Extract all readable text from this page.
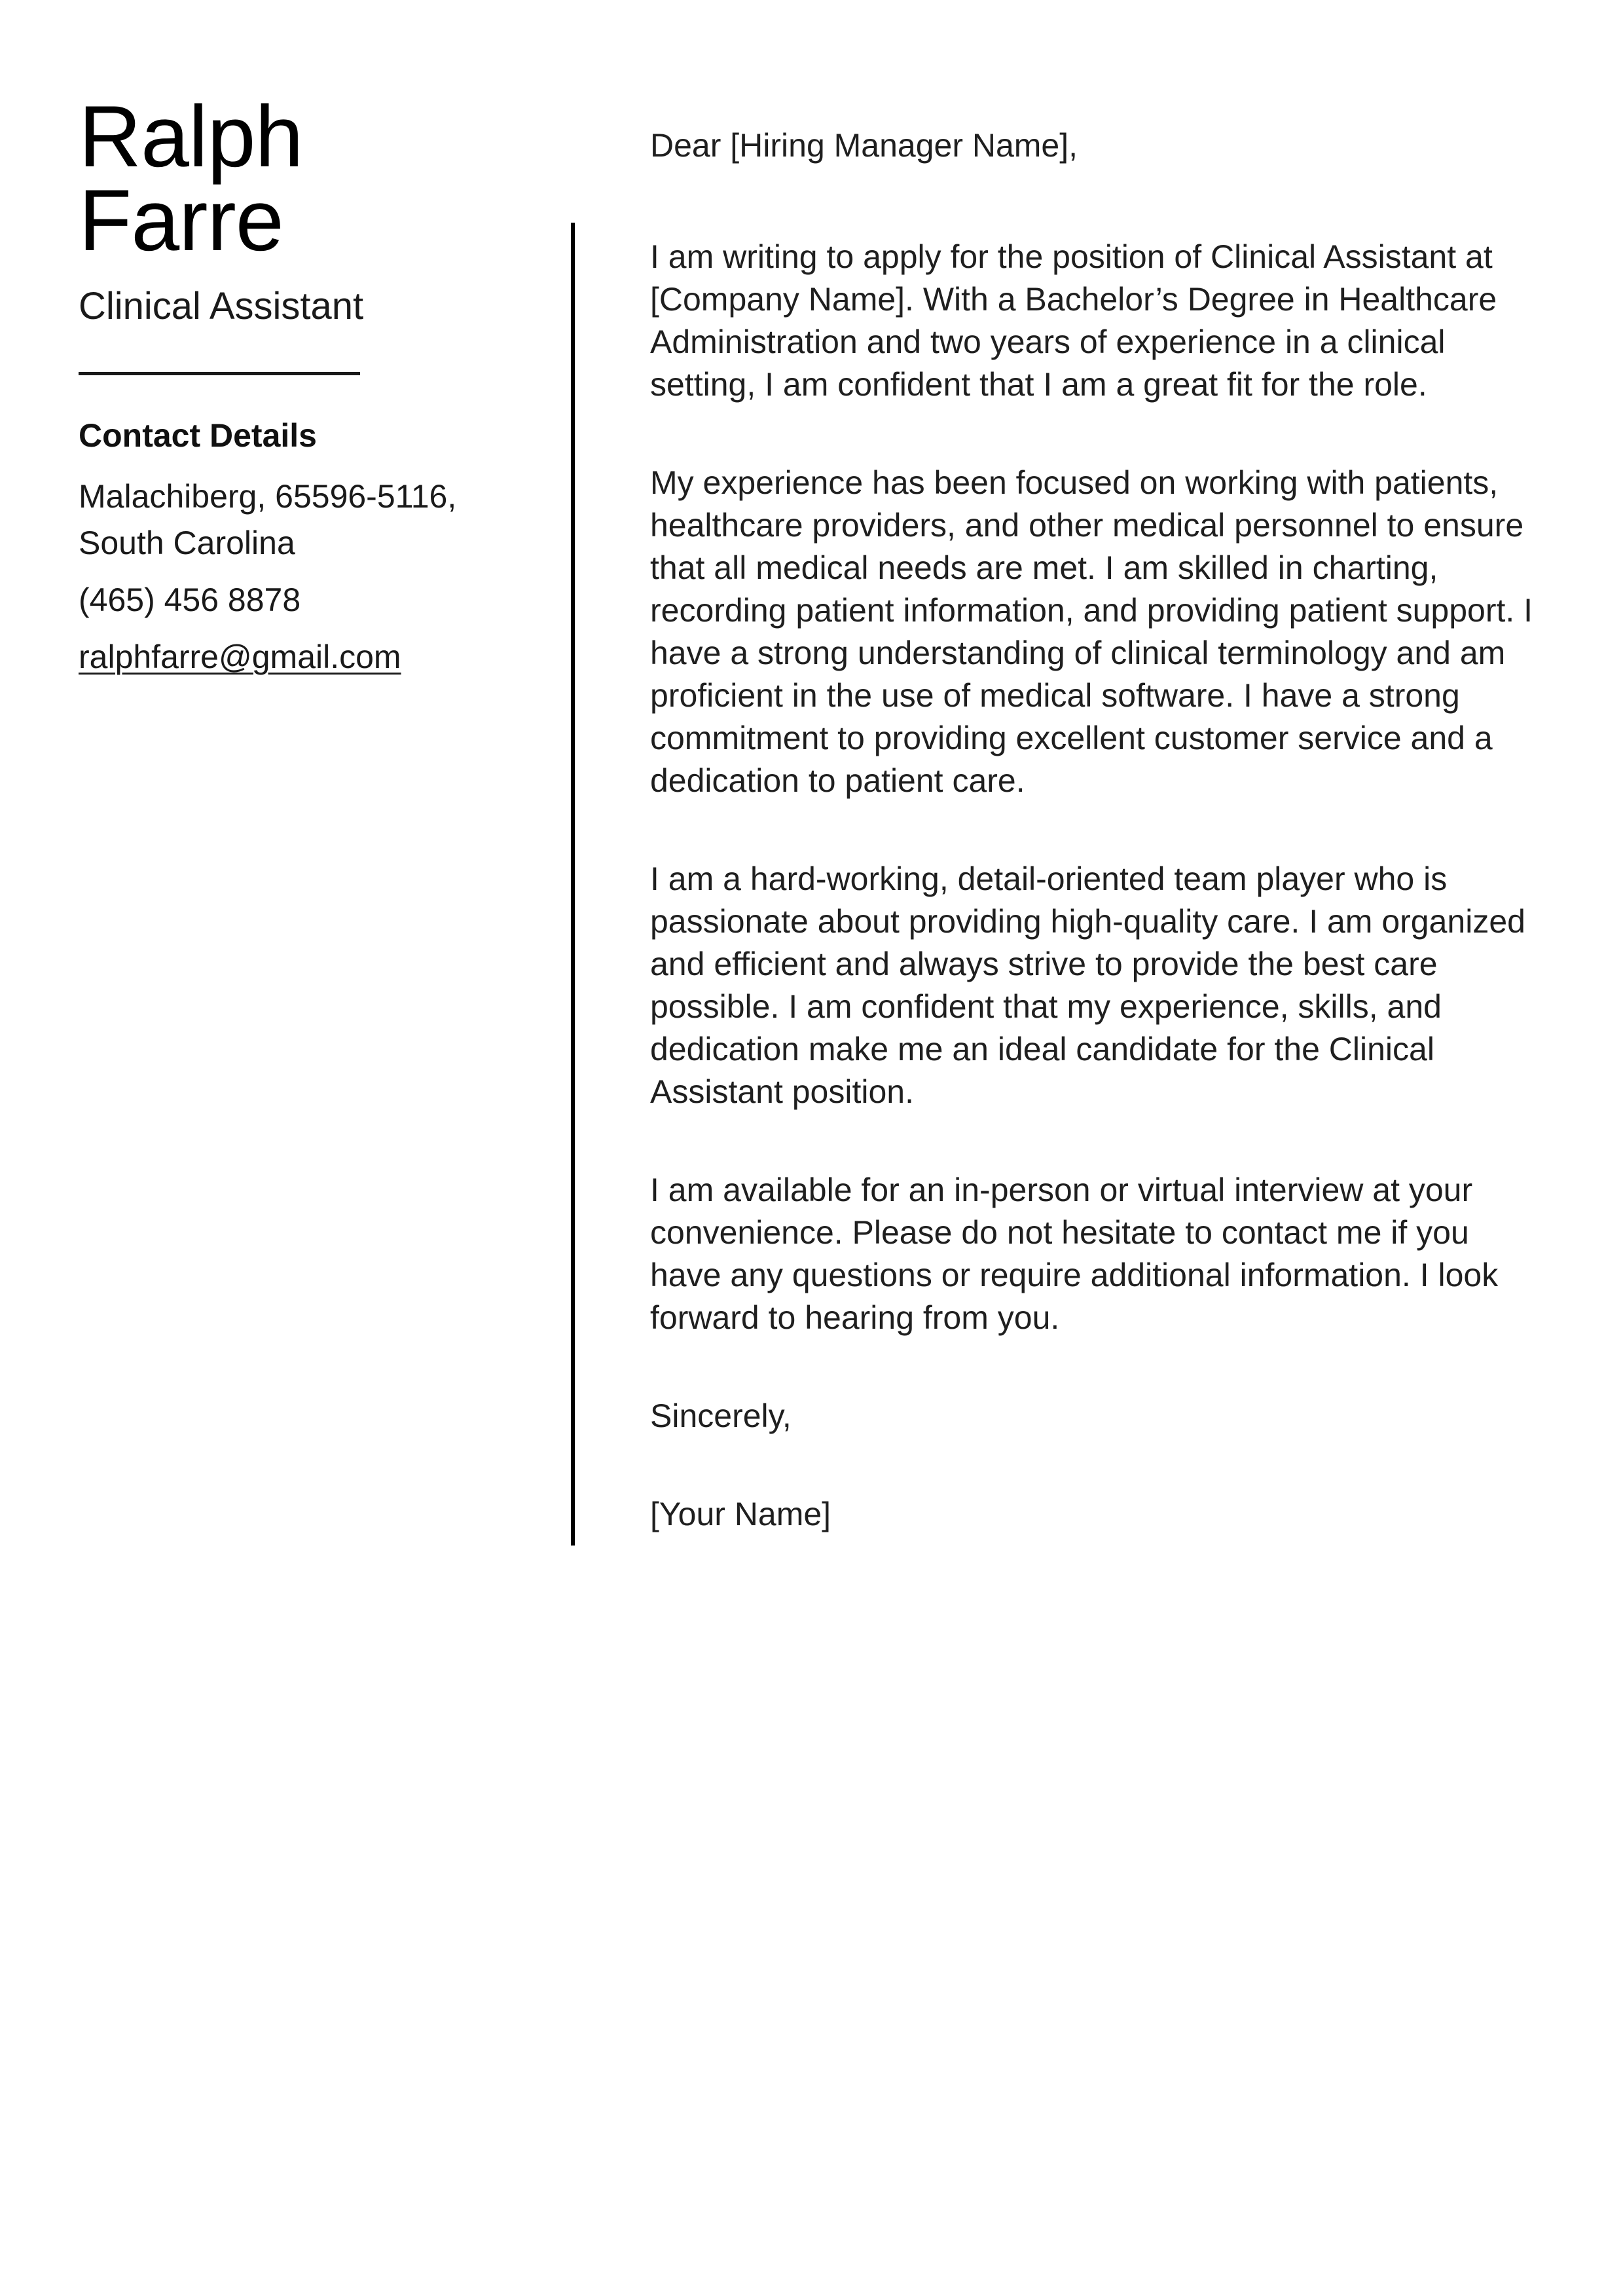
Ralph
Farre
Clinical Assistant
Contact Details
Malachiberg, 65596-5116,
South Carolina
(465) 456 8878
ralphfarre@gmail.com

Dear [Hiring Manager Name],

I am writing to apply for the position of Clinical Assistant at [Company Name]. With a Bachelor’s Degree in Healthcare Administration and two years of experience in a clinical setting, I am confident that I am a great fit for the role.

My experience has been focused on working with patients, healthcare providers, and other medical personnel to ensure that all medical needs are met. I am skilled in charting, recording patient information, and providing patient support. I have a strong understanding of clinical terminology and am proficient in the use of medical software. I have a strong commitment to providing excellent customer service and a dedication to patient care.

I am a hard-working, detail-oriented team player who is passionate about providing high-quality care. I am organized and efficient and always strive to provide the best care possible. I am confident that my experience, skills, and dedication make me an ideal candidate for the Clinical Assistant position.

I am available for an in-person or virtual interview at your convenience. Please do not hesitate to contact me if you have any questions or require additional information. I look forward to hearing from you.

Sincerely,

[Your Name]
